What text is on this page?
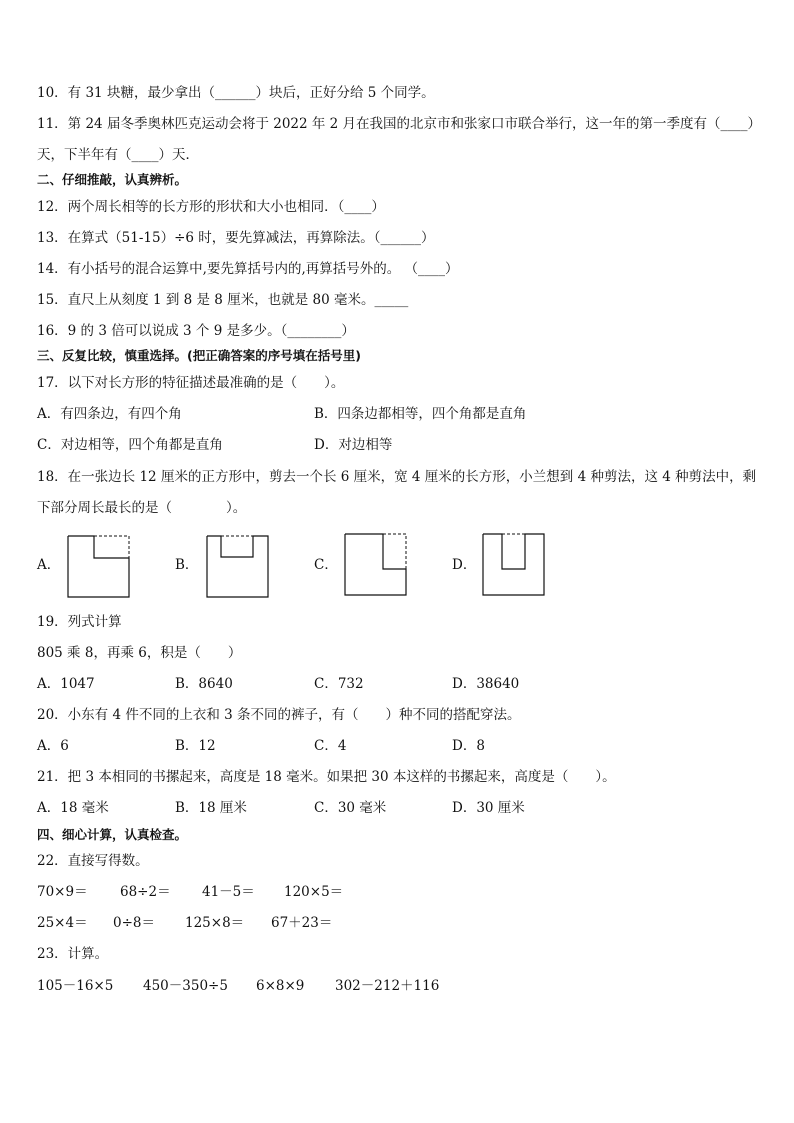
10．有 31 块糖，最少拿出（______）块后，正好分给 5 个同学。
11．第 24 届冬季奥林匹克运动会将于 2022 年 2 月在我国的北京市和张家口市联合举行，这一年的第一季度有（____）
天，下半年有（____）天．
二、仔细推敲，认真辨析。
12．两个周长相等的长方形的形状和大小也相同．（____）
13．在算式（51-15）÷6 时，要先算减法，再算除法。（______）
14．有小括号的混合运算中,要先算括号内的,再算括号外的。 （____）
15．直尺上从刻度 1 到 8 是 8 厘米，也就是 80 毫米。_____
16．9 的 3 倍可以说成 3 个 9 是多少。（________）
三、反复比较，慎重选择。(把正确答案的序号填在括号里)
17．以下对长方形的特征描述最准确的是（　　）。
A．有四条边，有四个角	B．四条边都相等，四个角都是直角
C．对边相等，四个角都是直角	D．对边相等
18．在一张边长 12 厘米的正方形中，剪去一个长 6 厘米，宽 4 厘米的长方形，小兰想到 4 种剪法，这 4 种剪法中，剩
下部分周长最长的是（　　　　）。
A．	B．	C．	D．
19．列式计算
805 乘 8，再乘 6，积是（　　）
A．1047	B．8640	C．732	D．38640
20．小东有 4 件不同的上衣和 3 条不同的裤子，有（　　）种不同的搭配穿法。
A．6	B．12	C．4	D．8
21．把 3 本相同的书摞起来，高度是 18 毫米。如果把 30 本这样的书摞起来，高度是（　　）。
A．18 毫米	B．18 厘米	C．30 毫米	D．30 厘米
四、细心计算，认真检查。
22．直接写得数。
70×9＝ 68÷2＝ 41－5＝ 120×5＝
25×4＝ 0÷8＝ 125×8＝ 67＋23＝
23．计算。
105－16×5 450－350÷5 6×8×9 302－212＋116
